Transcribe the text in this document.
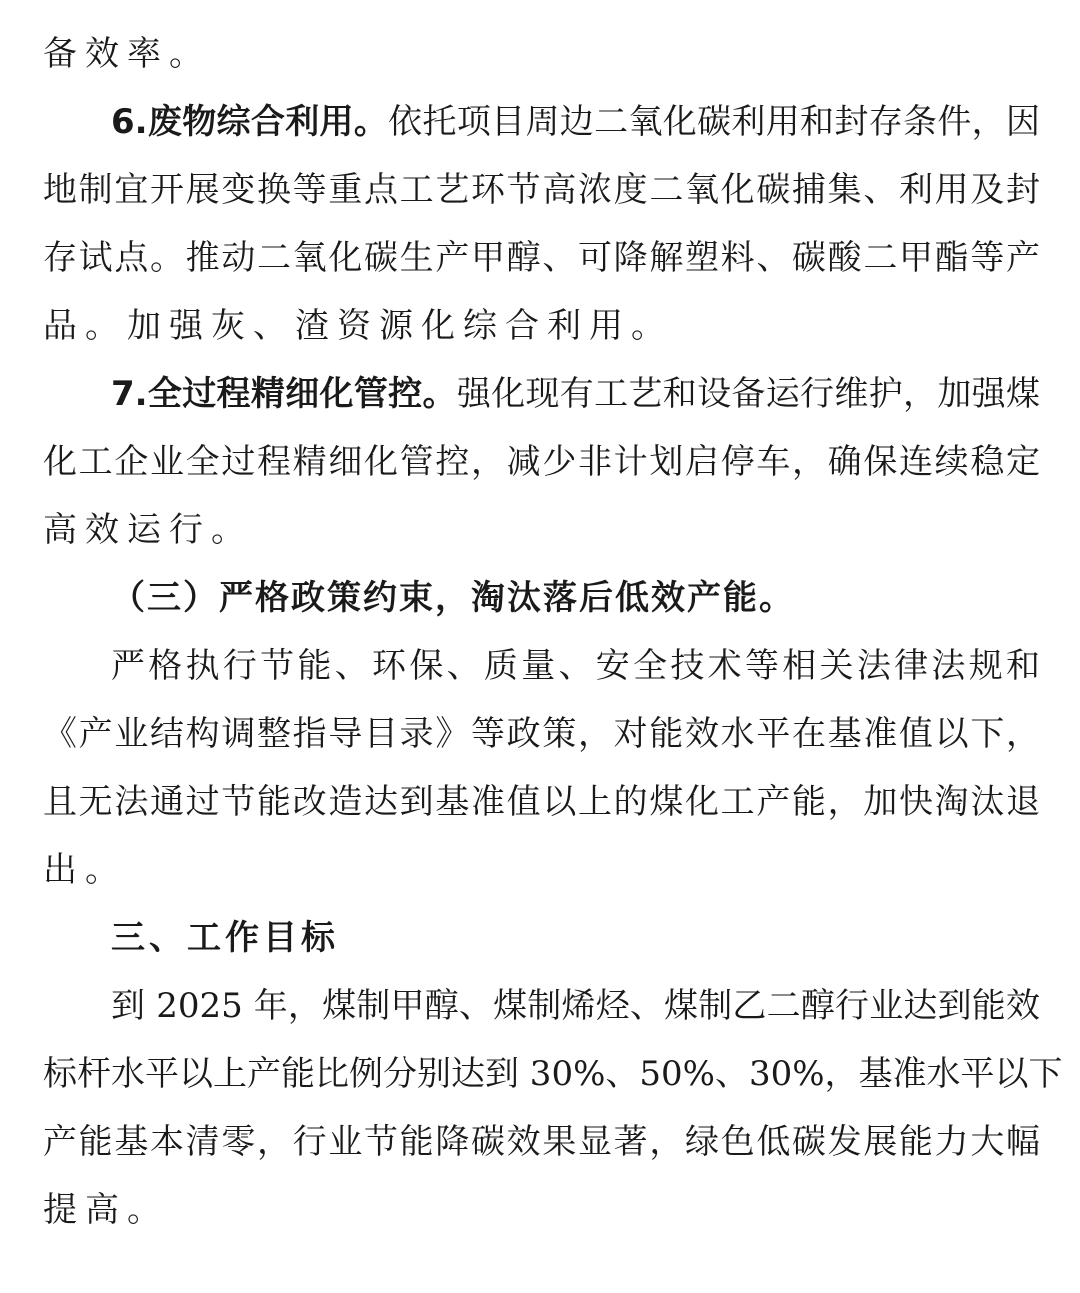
备效率。
6.废物综合利用。依托项目周边二氧化碳利用和封存条件，因
地制宜开展变换等重点工艺环节高浓度二氧化碳捕集、利用及封
存试点。推动二氧化碳生产甲醇、可降解塑料、碳酸二甲酯等产
品。加强灰、渣资源化综合利用。
7.全过程精细化管控。强化现有工艺和设备运行维护，加强煤
化工企业全过程精细化管控，减少非计划启停车，确保连续稳定
高效运行。
（三）严格政策约束，淘汰落后低效产能。
严格执行节能、环保、质量、安全技术等相关法律法规和
《产业结构调整指导目录》等政策，对能效水平在基准值以下，
且无法通过节能改造达到基准值以上的煤化工产能，加快淘汰退
出。
三、工作目标
到 2025 年，煤制甲醇、煤制烯烃、煤制乙二醇行业达到能效
标杆水平以上产能比例分别达到 30%、50%、30%，基准水平以下
产能基本清零，行业节能降碳效果显著，绿色低碳发展能力大幅
提高。
